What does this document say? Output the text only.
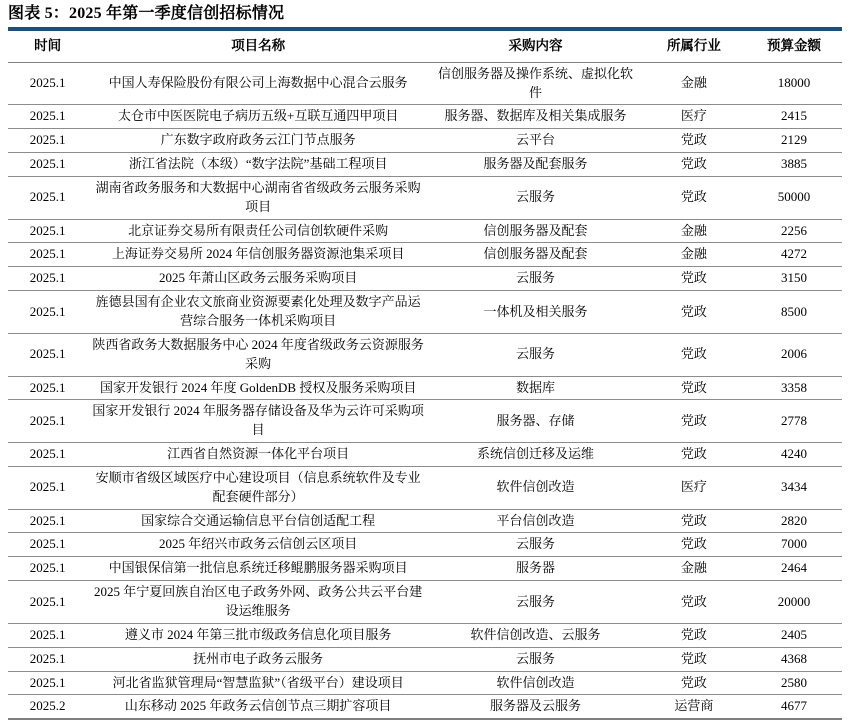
图表 5：2025 年第一季度信创招标情况
时间	项目名称	采购内容	所属行业	预算金额
2025.1	中国人寿保险股份有限公司上海数据中心混合云服务	信创服务器及操作系统、虚拟化软件	金融	18000
2025.1	太仓市中医医院电子病历五级+互联互通四甲项目	服务器、数据库及相关集成服务	医疗	2415
2025.1	广东数字政府政务云江门节点服务	云平台	党政	2129
2025.1	浙江省法院（本级）“数字法院”基础工程项目	服务器及配套服务	党政	3885
2025.1	湖南省政务服务和大数据中心湖南省省级政务云服务采购项目	云服务	党政	50000
2025.1	北京证券交易所有限责任公司信创软硬件采购	信创服务器及配套	金融	2256
2025.1	上海证券交易所 2024 年信创服务器资源池集采项目	信创服务器及配套	金融	4272
2025.1	2025 年萧山区政务云服务采购项目	云服务	党政	3150
2025.1	旌德县国有企业农文旅商业资源要素化处理及数字产品运营综合服务一体机采购项目	一体机及相关服务	党政	8500
2025.1	陕西省政务大数据服务中心 2024 年度省级政务云资源服务采购	云服务	党政	2006
2025.1	国家开发银行 2024 年度 GoldenDB 授权及服务采购项目	数据库	党政	3358
2025.1	国家开发银行 2024 年服务器存储设备及华为云许可采购项目	服务器、存储	党政	2778
2025.1	江西省自然资源一体化平台项目	系统信创迁移及运维	党政	4240
2025.1	安顺市省级区域医疗中心建设项目（信息系统软件及专业配套硬件部分）	软件信创改造	医疗	3434
2025.1	国家综合交通运输信息平台信创适配工程	平台信创改造	党政	2820
2025.1	2025 年绍兴市政务云信创云区项目	云服务	党政	7000
2025.1	中国银保信第一批信息系统迁移鲲鹏服务器采购项目	服务器	金融	2464
2025.1	2025 年宁夏回族自治区电子政务外网、政务公共云平台建设运维服务	云服务	党政	20000
2025.1	遵义市 2024 年第三批市级政务信息化项目服务	软件信创改造、云服务	党政	2405
2025.1	抚州市电子政务云服务	云服务	党政	4368
2025.1	河北省监狱管理局“智慧监狱”（省级平台）建设项目	软件信创改造	党政	2580
2025.2	山东移动 2025 年政务云信创节点三期扩容项目	服务器及云服务	运营商	4677
